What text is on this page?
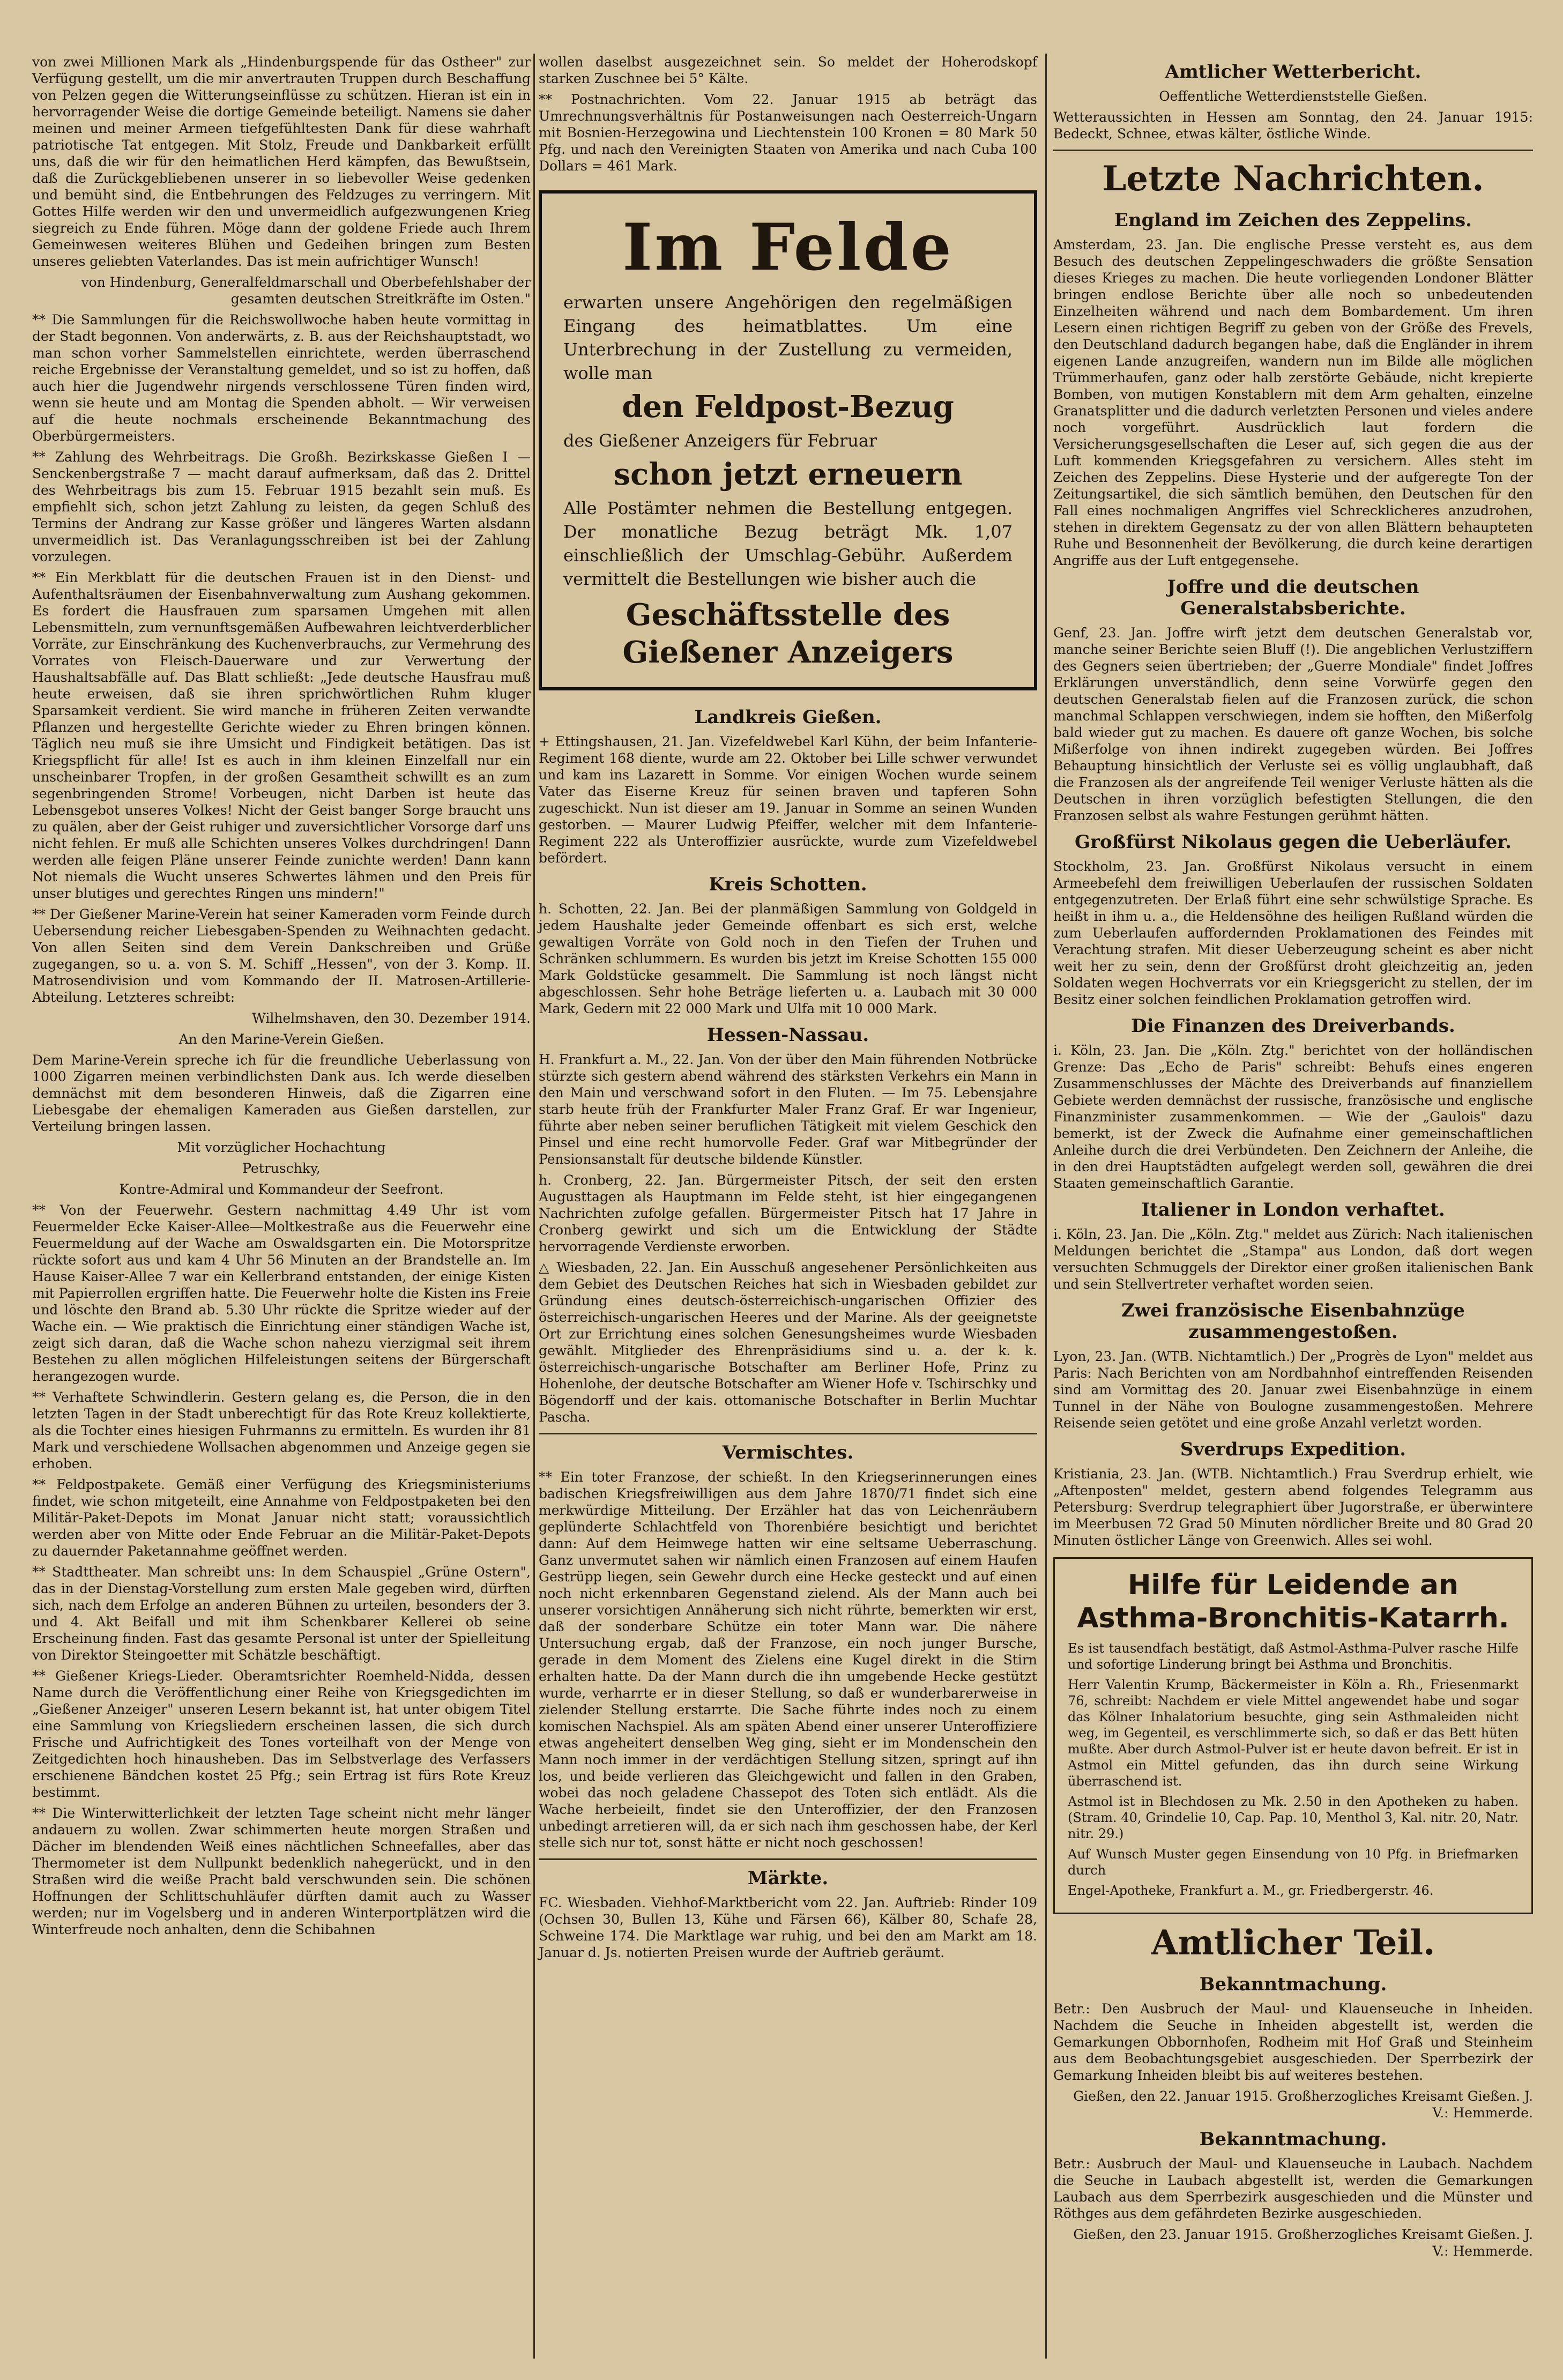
von zwei Millionen Mark als „Hindenburgspende für das Ostheer" zur Verfügung gestellt, um die mir anvertrauten Truppen durch Beschaffung von Pelzen gegen die Witterungseinflüsse zu schützen. Hieran ist ein in hervorragender Weise die dortige Gemeinde beteiligt. Namens sie daher meinen und meiner Armeen tiefgefühltesten Dank für diese wahrhaft patriotische Tat entgegen. Mit Stolz, Freude und Dankbarkeit erfüllt uns, daß die wir für den heimatlichen Herd kämpfen, das Bewußtsein, daß die Zurückgebliebenen unserer in so liebevoller Weise gedenken und bemüht sind, die Entbehrungen des Feldzuges zu verringern. Mit Gottes Hilfe werden wir den und unvermeidlich aufgezwungenen Krieg siegreich zu Ende führen. Möge dann der goldene Friede auch Ihrem Gemeinwesen weiteres Blühen und Gedeihen bringen zum Besten unseres geliebten Vaterlandes. Das ist mein aufrichtiger Wunsch!

von Hindenburg, Generalfeldmarschall und Oberbefehlshaber der gesamten deutschen Streitkräfte im Osten."

** Die Sammlungen für die Reichswollwoche haben heute vormittag in der Stadt begonnen. Von anderwärts, z. B. aus der Reichshauptstadt, wo man schon vorher Sammelstellen einrichtete, werden überraschend reiche Ergebnisse der Veranstaltung gemeldet, und so ist zu hoffen, daß auch hier die Jugendwehr nirgends verschlossene Türen finden wird, wenn sie heute und am Montag die Spenden abholt. — Wir verweisen auf die heute nochmals erscheinende Bekanntmachung des Oberbürgermeisters.

** Zahlung des Wehrbeitrags. Die Großh. Bezirkskasse Gießen I — Senckenbergstraße 7 — macht darauf aufmerksam, daß das 2. Drittel des Wehrbeitrags bis zum 15. Februar 1915 bezahlt sein muß. Es empfiehlt sich, schon jetzt Zahlung zu leisten, da gegen Schluß des Termins der Andrang zur Kasse größer und längeres Warten alsdann unvermeidlich ist. Das Veranlagungsschreiben ist bei der Zahlung vorzulegen.

** Ein Merkblatt für die deutschen Frauen ist in den Dienst- und Aufenthaltsräumen der Eisenbahnverwaltung zum Aushang gekommen. Es fordert die Hausfrauen zum sparsamen Umgehen mit allen Lebensmitteln, zum vernunftsgemäßen Aufbewahren leichtverderblicher Vorräte, zur Einschränkung des Kuchenverbrauchs, zur Vermehrung des Vorrates von Fleisch-Dauerware und zur Verwertung der Haushaltsabfälle auf. Das Blatt schließt: „Jede deutsche Hausfrau muß heute erweisen, daß sie ihren sprichwörtlichen Ruhm kluger Sparsamkeit verdient. Sie wird manche in früheren Zeiten verwandte Pflanzen und hergestellte Gerichte wieder zu Ehren bringen können. Täglich neu muß sie ihre Umsicht und Findigkeit betätigen. Das ist Kriegspflicht für alle! Ist es auch in ihm kleinen Einzelfall nur ein unscheinbarer Tropfen, in der großen Gesamtheit schwillt es an zum segenbringenden Strome! Vorbeugen, nicht Darben ist heute das Lebensgebot unseres Volkes! Nicht der Geist banger Sorge braucht uns zu quälen, aber der Geist ruhiger und zuversichtlicher Vorsorge darf uns nicht fehlen. Er muß alle Schichten unseres Volkes durchdringen! Dann werden alle feigen Pläne unserer Feinde zunichte werden! Dann kann Not niemals die Wucht unseres Schwertes lähmen und den Preis für unser blutiges und gerechtes Ringen uns mindern!"

** Der Gießener Marine-Verein hat seiner Kameraden vorm Feinde durch Uebersendung reicher Liebesgaben-Spenden zu Weihnachten gedacht. Von allen Seiten sind dem Verein Dankschreiben und Grüße zugegangen, so u. a. von S. M. Schiff „Hessen", von der 3. Komp. II. Matrosendivision und vom Kommando der II. Matrosen-Artillerie-Abteilung. Letzteres schreibt:

Wilhelmshaven, den 30. Dezember 1914.

An den Marine-Verein Gießen.

Dem Marine-Verein spreche ich für die freundliche Ueberlassung von 1000 Zigarren meinen verbindlichsten Dank aus. Ich werde dieselben demnächst mit dem besonderen Hinweis, daß die Zigarren eine Liebesgabe der ehemaligen Kameraden aus Gießen darstellen, zur Verteilung bringen lassen.

Mit vorzüglicher Hochachtung

Petruschky,

Kontre-Admiral und Kommandeur der Seefront.

** Von der Feuerwehr. Gestern nachmittag 4.49 Uhr ist vom Feuermelder Ecke Kaiser-Allee—Moltkestraße aus die Feuerwehr eine Feuermeldung auf der Wache am Oswaldsgarten ein. Die Motorspritze rückte sofort aus und kam 4 Uhr 56 Minuten an der Brandstelle an. Im Hause Kaiser-Allee 7 war ein Kellerbrand entstanden, der einige Kisten mit Papierrollen ergriffen hatte. Die Feuerwehr holte die Kisten ins Freie und löschte den Brand ab. 5.30 Uhr rückte die Spritze wieder auf der Wache ein. — Wie praktisch die Einrichtung einer ständigen Wache ist, zeigt sich daran, daß die Wache schon nahezu vierzigmal seit ihrem Bestehen zu allen möglichen Hilfeleistungen seitens der Bürgerschaft herangezogen wurde.

** Verhaftete Schwindlerin. Gestern gelang es, die Person, die in den letzten Tagen in der Stadt unberechtigt für das Rote Kreuz kollektierte, als die Tochter eines hiesigen Fuhrmanns zu ermitteln. Es wurden ihr 81 Mark und verschiedene Wollsachen abgenommen und Anzeige gegen sie erhoben.

** Feldpostpakete. Gemäß einer Verfügung des Kriegsministeriums findet, wie schon mitgeteilt, eine Annahme von Feldpostpaketen bei den Militär-Paket-Depots im Monat Januar nicht statt; voraussichtlich werden aber von Mitte oder Ende Februar an die Militär-Paket-Depots zu dauernder Paketannahme geöffnet werden.

** Stadttheater. Man schreibt uns: In dem Schauspiel „Grüne Ostern", das in der Dienstag-Vorstellung zum ersten Male gegeben wird, dürften sich, nach dem Erfolge an anderen Bühnen zu urteilen, besonders der 3. und 4. Akt Beifall und mit ihm Schenkbarer Kellerei ob seine Erscheinung finden. Fast das gesamte Personal ist unter der Spielleitung von Direktor Steingoetter mit Schätzle beschäftigt.

** Gießener Kriegs-Lieder. Oberamtsrichter Roemheld-Nidda, dessen Name durch die Veröffentlichung einer Reihe von Kriegsgedichten im „Gießener Anzeiger" unseren Lesern bekannt ist, hat unter obigem Titel eine Sammlung von Kriegsliedern erscheinen lassen, die sich durch Frische und Aufrichtigkeit des Tones vorteilhaft von der Menge von Zeitgedichten hoch hinausheben. Das im Selbstverlage des Verfassers erschienene Bändchen kostet 25 Pfg.; sein Ertrag ist fürs Rote Kreuz bestimmt.

** Die Winterwitterlichkeit der letzten Tage scheint nicht mehr länger andauern zu wollen. Zwar schimmerten heute morgen Straßen und Dächer im blendenden Weiß eines nächtlichen Schneefalles, aber das Thermometer ist dem Nullpunkt bedenklich nahegerückt, und in den Straßen wird die weiße Pracht bald verschwunden sein. Die schönen Hoffnungen der Schlittschuhläufer dürften damit auch zu Wasser werden; nur im Vogelsberg und in anderen Winterportplätzen wird die Winterfreude noch anhalten, denn die Schibahnen

wollen daselbst ausgezeichnet sein. So meldet der Hoherodskopf starken Zuschnee bei 5° Kälte.

** Postnachrichten. Vom 22. Januar 1915 ab beträgt das Umrechnungsverhältnis für Postanweisungen nach Oesterreich-Ungarn mit Bosnien-Herzegowina und Liechtenstein 100 Kronen = 80 Mark 50 Pfg. und nach den Vereinigten Staaten von Amerika und nach Cuba 100 Dollars = 461 Mark.

Im Felde

erwarten unsere Angehörigen den regelmäßigen Eingang des heimatblattes. Um eine Unterbrechung in der Zustellung zu vermeiden, wolle man

den Feldpost-Bezug

des Gießener Anzeigers für Februar

schon jetzt erneuern

Alle Postämter nehmen die Bestellung entgegen. Der monatliche Bezug beträgt Mk. 1,07 einschließlich der Umschlag-Gebühr. Außerdem vermittelt die Bestellungen wie bisher auch die

Geschäftsstelle des Gießener Anzeigers
Landkreis Gießen.

+ Ettingshausen, 21. Jan. Vizefeldwebel Karl Kühn, der beim Infanterie-Regiment 168 diente, wurde am 22. Oktober bei Lille schwer verwundet und kam ins Lazarett in Somme. Vor einigen Wochen wurde seinem Vater das Eiserne Kreuz für seinen braven und tapferen Sohn zugeschickt. Nun ist dieser am 19. Januar in Somme an seinen Wunden gestorben. — Maurer Ludwig Pfeiffer, welcher mit dem Infanterie-Regiment 222 als Unteroffizier ausrückte, wurde zum Vizefeldwebel befördert.

Kreis Schotten.

h. Schotten, 22. Jan. Bei der planmäßigen Sammlung von Goldgeld in jedem Haushalte jeder Gemeinde offenbart es sich erst, welche gewaltigen Vorräte von Gold noch in den Tiefen der Truhen und Schränken schlummern. Es wurden bis jetzt im Kreise Schotten 155 000 Mark Goldstücke gesammelt. Die Sammlung ist noch längst nicht abgeschlossen. Sehr hohe Beträge lieferten u. a. Laubach mit 30 000 Mark, Gedern mit 22 000 Mark und Ulfa mit 10 000 Mark.

Hessen-Nassau.

H. Frankfurt a. M., 22. Jan. Von der über den Main führenden Notbrücke stürzte sich gestern abend während des stärksten Verkehrs ein Mann in den Main und verschwand sofort in den Fluten. — Im 75. Lebensjahre starb heute früh der Frankfurter Maler Franz Graf. Er war Ingenieur, führte aber neben seiner beruflichen Tätigkeit mit vielem Geschick den Pinsel und eine recht humorvolle Feder. Graf war Mitbegründer der Pensionsanstalt für deutsche bildende Künstler.

h. Cronberg, 22. Jan. Bürgermeister Pitsch, der seit den ersten Augusttagen als Hauptmann im Felde steht, ist hier eingegangenen Nachrichten zufolge gefallen. Bürgermeister Pitsch hat 17 Jahre in Cronberg gewirkt und sich um die Entwicklung der Städte hervorragende Verdienste erworben.

△ Wiesbaden, 22. Jan. Ein Ausschuß angesehener Persönlichkeiten aus dem Gebiet des Deutschen Reiches hat sich in Wiesbaden gebildet zur Gründung eines deutsch-österreichisch-ungarischen Offizier des österreichisch-ungarischen Heeres und der Marine. Als der geeignetste Ort zur Errichtung eines solchen Genesungsheimes wurde Wiesbaden gewählt. Mitglieder des Ehrenpräsidiums sind u. a. der k. k. österreichisch-ungarische Botschafter am Berliner Hofe, Prinz zu Hohenlohe, der deutsche Botschafter am Wiener Hofe v. Tschirschky und Bögendorff und der kais. ottomanische Botschafter in Berlin Muchtar Pascha.

Vermischtes.

** Ein toter Franzose, der schießt. In den Kriegserinnerungen eines badischen Kriegsfreiwilligen aus dem Jahre 1870/71 findet sich eine merkwürdige Mitteilung. Der Erzähler hat das von Leichenräubern geplünderte Schlachtfeld von Thorenbiére besichtigt und berichtet dann: Auf dem Heimwege hatten wir eine seltsame Ueberraschung. Ganz unvermutet sahen wir nämlich einen Franzosen auf einem Haufen Gestrüpp liegen, sein Gewehr durch eine Hecke gesteckt und auf einen noch nicht erkennbaren Gegenstand zielend. Als der Mann auch bei unserer vorsichtigen Annäherung sich nicht rührte, bemerkten wir erst, daß der sonderbare Schütze ein toter Mann war. Die nähere Untersuchung ergab, daß der Franzose, ein noch junger Bursche, gerade in dem Moment des Zielens eine Kugel direkt in die Stirn erhalten hatte. Da der Mann durch die ihn umgebende Hecke gestützt wurde, verharrte er in dieser Stellung, so daß er wunderbarerweise in zielender Stellung erstarrte. Die Sache führte indes noch zu einem komischen Nachspiel. Als am späten Abend einer unserer Unteroffiziere etwas angeheitert denselben Weg ging, sieht er im Mondenschein den Mann noch immer in der verdächtigen Stellung sitzen, springt auf ihn los, und beide verlieren das Gleichgewicht und fallen in den Graben, wobei das noch geladene Chassepot des Toten sich entlädt. Als die Wache herbeieilt, findet sie den Unteroffizier, der den Franzosen unbedingt arretieren will, da er sich nach ihm geschossen habe, der Kerl stelle sich nur tot, sonst hätte er nicht noch geschossen!

Märkte.

FC. Wiesbaden. Viehhof-Marktbericht vom 22. Jan. Auftrieb: Rinder 109 (Ochsen 30, Bullen 13, Kühe und Färsen 66), Kälber 80, Schafe 28, Schweine 174. Die Marktlage war ruhig, und bei den am Markt am 18. Januar d. Js. notierten Preisen wurde der Auftrieb geräumt.

Amtlicher Wetterbericht.

Oeffentliche Wetterdienststelle Gießen.

Wetteraussichten in Hessen am Sonntag, den 24. Januar 1915: Bedeckt, Schnee, etwas kälter, östliche Winde.

Letzte Nachrichten.
England im Zeichen des Zeppelins.

Amsterdam, 23. Jan. Die englische Presse versteht es, aus dem Besuch des deutschen Zeppelingeschwaders die größte Sensation dieses Krieges zu machen. Die heute vorliegenden Londoner Blätter bringen endlose Berichte über alle noch so unbedeutenden Einzelheiten während und nach dem Bombardement. Um ihren Lesern einen richtigen Begriff zu geben von der Größe des Frevels, den Deutschland dadurch begangen habe, daß die Engländer in ihrem eigenen Lande anzugreifen, wandern nun im Bilde alle möglichen Trümmerhaufen, ganz oder halb zerstörte Gebäude, nicht krepierte Bomben, von mutigen Konstablern mit dem Arm gehalten, einzelne Granatsplitter und die dadurch verletzten Personen und vieles andere noch vorgeführt. Ausdrücklich laut fordern die Versicherungsgesellschaften die Leser auf, sich gegen die aus der Luft kommenden Kriegsgefahren zu versichern. Alles steht im Zeichen des Zeppelins. Diese Hysterie und der aufgeregte Ton der Zeitungsartikel, die sich sämtlich bemühen, den Deutschen für den Fall eines nochmaligen Angriffes viel Schrecklicheres anzudrohen, stehen in direktem Gegensatz zu der von allen Blättern behaupteten Ruhe und Besonnenheit der Bevölkerung, die durch keine derartigen Angriffe aus der Luft entgegensehe.

Joffre und die deutschen Generalstabsberichte.

Genf, 23. Jan. Joffre wirft jetzt dem deutschen Generalstab vor, manche seiner Berichte seien Bluff (!). Die angeblichen Verlustziffern des Gegners seien übertrieben; der „Guerre Mondiale" findet Joffres Erklärungen unverständlich, denn seine Vorwürfe gegen den deutschen Generalstab fielen auf die Franzosen zurück, die schon manchmal Schlappen verschwiegen, indem sie hofften, den Mißerfolg bald wieder gut zu machen. Es dauere oft ganze Wochen, bis solche Mißerfolge von ihnen indirekt zugegeben würden. Bei Joffres Behauptung hinsichtlich der Verluste sei es völlig unglaubhaft, daß die Franzosen als der angreifende Teil weniger Verluste hätten als die Deutschen in ihren vorzüglich befestigten Stellungen, die den Franzosen selbst als wahre Festungen gerühmt hätten.

Großfürst Nikolaus gegen die Ueberläufer.

Stockholm, 23. Jan. Großfürst Nikolaus versucht in einem Armeebefehl dem freiwilligen Ueberlaufen der russischen Soldaten entgegenzutreten. Der Erlaß führt eine sehr schwülstige Sprache. Es heißt in ihm u. a., die Heldensöhne des heiligen Rußland würden die zum Ueberlaufen auffordernden Proklamationen des Feindes mit Verachtung strafen. Mit dieser Ueberzeugung scheint es aber nicht weit her zu sein, denn der Großfürst droht gleichzeitig an, jeden Soldaten wegen Hochverrats vor ein Kriegsgericht zu stellen, der im Besitz einer solchen feindlichen Proklamation getroffen wird.

Die Finanzen des Dreiverbands.

i. Köln, 23. Jan. Die „Köln. Ztg." berichtet von der holländischen Grenze: Das „Echo de Paris" schreibt: Behufs eines engeren Zusammenschlusses der Mächte des Dreiverbands auf finanziellem Gebiete werden demnächst der russische, französische und englische Finanzminister zusammenkommen. — Wie der „Gaulois" dazu bemerkt, ist der Zweck die Aufnahme einer gemeinschaftlichen Anleihe durch die drei Verbündeten. Den Zeichnern der Anleihe, die in den drei Hauptstädten aufgelegt werden soll, gewähren die drei Staaten gemeinschaftlich Garantie.

Italiener in London verhaftet.

i. Köln, 23. Jan. Die „Köln. Ztg." meldet aus Zürich: Nach italienischen Meldungen berichtet die „Stampa" aus London, daß dort wegen versuchten Schmuggels der Direktor einer großen italienischen Bank und sein Stellvertreter verhaftet worden seien.

Zwei französische Eisenbahnzüge zusammengestoßen.

Lyon, 23. Jan. (WTB. Nichtamtlich.) Der „Progrès de Lyon" meldet aus Paris: Nach Berichten von am Nordbahnhof eintreffenden Reisenden sind am Vormittag des 20. Januar zwei Eisenbahnzüge in einem Tunnel in der Nähe von Boulogne zusammengestoßen. Mehrere Reisende seien getötet und eine große Anzahl verletzt worden.

Sverdrups Expedition.

Kristiania, 23. Jan. (WTB. Nichtamtlich.) Frau Sverdrup erhielt, wie „Aftenposten" meldet, gestern abend folgendes Telegramm aus Petersburg: Sverdrup telegraphiert über Jugorstraße, er überwintere im Meerbusen 72 Grad 50 Minuten nördlicher Breite und 80 Grad 20 Minuten östlicher Länge von Greenwich. Alles sei wohl.

Hilfe für Leidende an Asthma-Bronchitis-Katarrh.

Es ist tausendfach bestätigt, daß Astmol-Asthma-Pulver rasche Hilfe und sofortige Linderung bringt bei Asthma und Bronchitis.

Herr Valentin Krump, Bäckermeister in Köln a. Rh., Friesenmarkt 76, schreibt: Nachdem er viele Mittel angewendet habe und sogar das Kölner Inhalatorium besuchte, ging sein Asthmaleiden nicht weg, im Gegenteil, es verschlimmerte sich, so daß er das Bett hüten mußte. Aber durch Astmol-Pulver ist er heute davon befreit. Er ist in Astmol ein Mittel gefunden, das ihn durch seine Wirkung überraschend ist.

Astmol ist in Blechdosen zu Mk. 2.50 in den Apotheken zu haben. (Stram. 40, Grindelie 10, Cap. Pap. 10, Menthol 3, Kal. nitr. 20, Natr. nitr. 29.)

Auf Wunsch Muster gegen Einsendung von 10 Pfg. in Briefmarken durch

Engel-Apotheke, Frankfurt a. M., gr. Friedbergerstr. 46.

Amtlicher Teil.
Bekanntmachung.

Betr.: Den Ausbruch der Maul- und Klauenseuche in Inheiden. Nachdem die Seuche in Inheiden abgestellt ist, werden die Gemarkungen Obbornhofen, Rodheim mit Hof Graß und Steinheim aus dem Beobachtungsgebiet ausgeschieden. Der Sperrbezirk der Gemarkung Inheiden bleibt bis auf weiteres bestehen.

Gießen, den 22. Januar 1915. Großherzogliches Kreisamt Gießen. J. V.: Hemmerde.

Bekanntmachung.

Betr.: Ausbruch der Maul- und Klauenseuche in Laubach. Nachdem die Seuche in Laubach abgestellt ist, werden die Gemarkungen Laubach aus dem Sperrbezirk ausgeschieden und die Münster und Röthges aus dem gefährdeten Bezirke ausgeschieden.

Gießen, den 23. Januar 1915. Großherzogliches Kreisamt Gießen. J. V.: Hemmerde.
